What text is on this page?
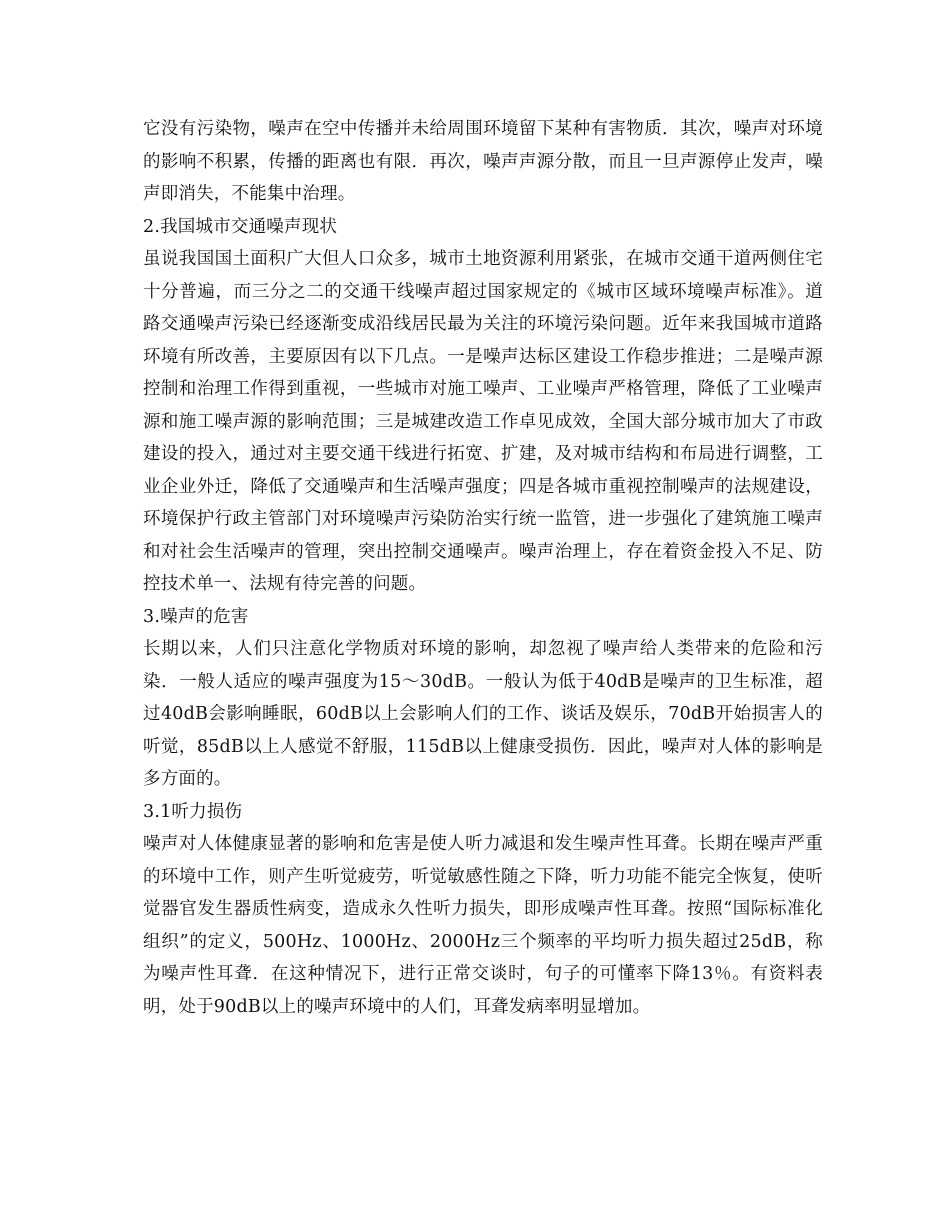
它没有污染物，噪声在空中传播并未给周围环境留下某种有害物质．其次，噪声对环境的影响不积累，传播的距离也有限．再次，噪声声源分散，而且一旦声源停止发声，噪声即消失，不能集中治理。

2.我国城市交通噪声现状

虽说我国国土面积广大但人口众多，城市土地资源利用紧张，在城市交通干道两侧住宅十分普遍，而三分之二的交通干线噪声超过国家规定的《城市区域环境噪声标准》。道路交通噪声污染已经逐渐变成沿线居民最为关注的环境污染问题。近年来我国城市道路环境有所改善，主要原因有以下几点。一是噪声达标区建设工作稳步推进；二是噪声源控制和治理工作得到重视，一些城市对施工噪声、工业噪声严格管理，降低了工业噪声源和施工噪声源的影响范围；三是城建改造工作卓见成效，全国大部分城市加大了市政建设的投入，通过对主要交通干线进行拓宽、扩建，及对城市结构和布局进行调整，工业企业外迁，降低了交通噪声和生活噪声强度；四是各城市重视控制噪声的法规建设，环境保护行政主管部门对环境噪声污染防治实行统一监管，进一步强化了建筑施工噪声和对社会生活噪声的管理，突出控制交通噪声。噪声治理上，存在着资金投入不足、防控技术单一、法规有待完善的问题。

3.噪声的危害

长期以来，人们只注意化学物质对环境的影响，却忽视了噪声给人类带来的危险和污染．一般人适应的噪声强度为15～30dB。一般认为低于40dB是噪声的卫生标准，超过40dB会影响睡眠，60dB以上会影响人们的工作、谈话及娱乐，70dB开始损害人的听觉，85dB以上人感觉不舒服，115dB以上健康受损伤．因此，噪声对人体的影响是多方面的。

3.1听力损伤

噪声对人体健康显著的影响和危害是使人听力减退和发生噪声性耳聋。长期在噪声严重的环境中工作，则产生听觉疲劳，听觉敏感性随之下降，听力功能不能完全恢复，使听觉器官发生器质性病变，造成永久性听力损失，即形成噪声性耳聋。按照“国际标准化组织”的定义，500Hz、1000Hz、2000Hz三个频率的平均听力损失超过25dB，称为噪声性耳聋．在这种情况下，进行正常交谈时，句子的可懂率下降13％。有资料表明，处于90dB以上的噪声环境中的人们，耳聋发病率明显增加。
